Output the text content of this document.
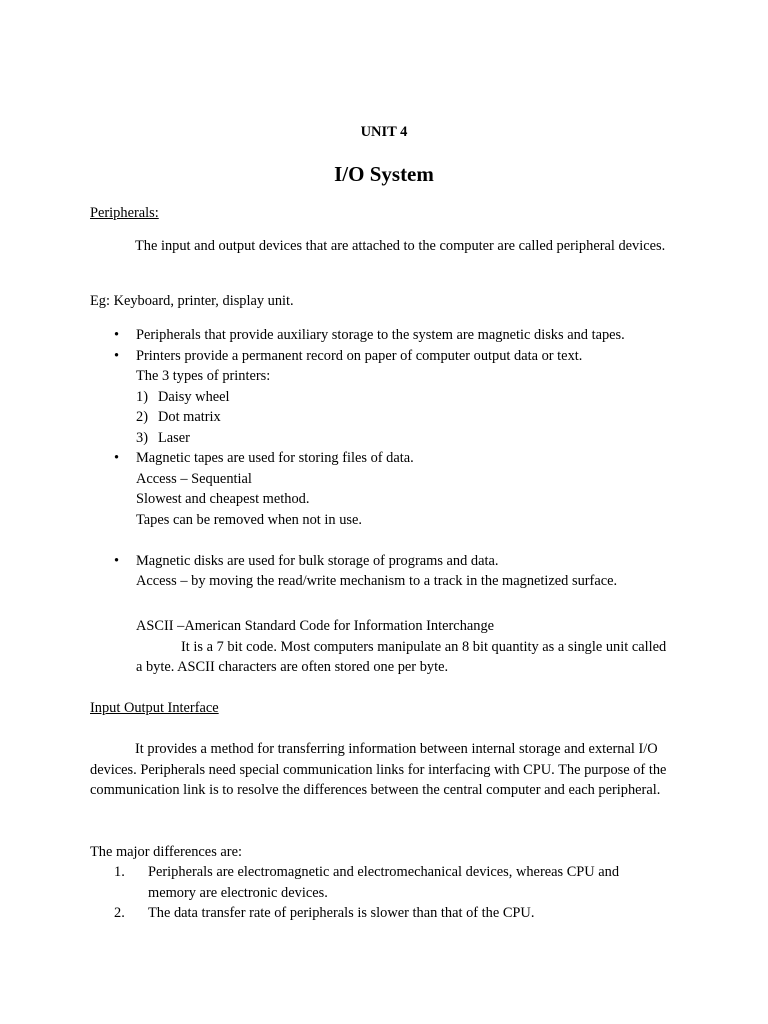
UNIT 4
I/O System
Peripherals:
The input and output devices that are attached to the computer are called peripheral devices.
Eg: Keyboard, printer, display unit.
• Peripherals that provide auxiliary storage to the system are magnetic disks and tapes.
• Printers provide a permanent record on paper of computer output data or text.
The 3 types of printers:
1) Daisy wheel
2) Dot matrix
3) Laser
• Magnetic tapes are used for storing files of data.
Access – Sequential
Slowest and cheapest method.
Tapes can be removed when not in use.
• Magnetic disks are used for bulk storage of programs and data.
Access – by moving the read/write mechanism to a track in the magnetized surface.
ASCII –American Standard Code for Information Interchange
It is a 7 bit code. Most computers manipulate an 8 bit quantity as a single unit called a byte. ASCII characters are often stored one per byte.
Input Output Interface
It provides a method for transferring information between internal storage and external I/O devices. Peripherals need special communication links for interfacing with CPU. The purpose of the communication link is to resolve the differences between the central computer and each peripheral.
The major differences are:
1. Peripherals are electromagnetic and electromechanical devices, whereas CPU and memory are electronic devices.
2. The data transfer rate of peripherals is slower than that of the CPU.
